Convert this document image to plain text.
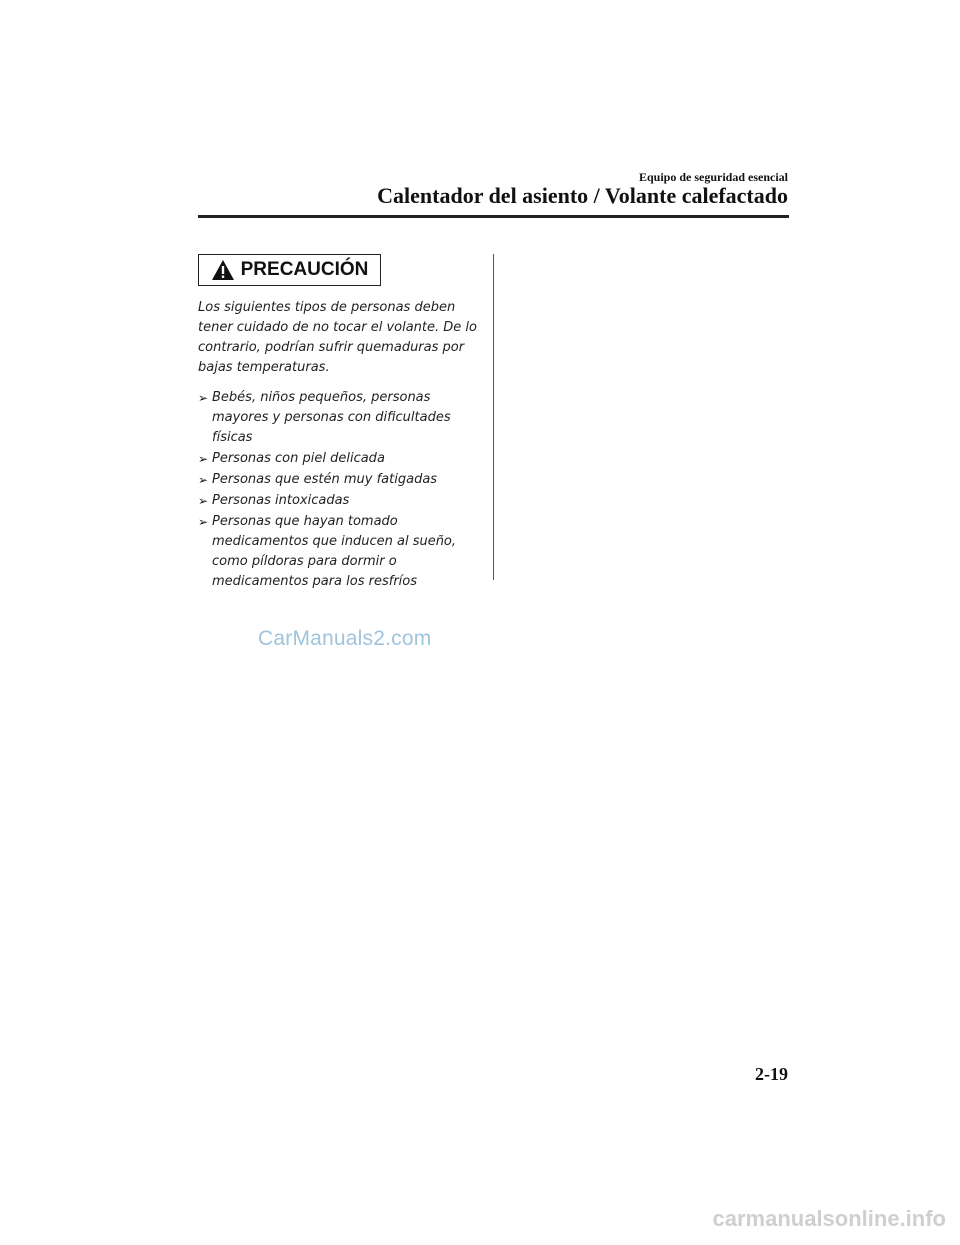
Equipo de seguridad esencial
Calentador del asiento / Volante calefactado
PRECAUCIÓN

Los siguientes tipos de personas deben tener cuidado de no tocar el volante. De lo contrario, podrían sufrir quemaduras por bajas temperaturas.

➢ Bebés, niños pequeños, personas mayores y personas con dificultades físicas
➢ Personas con piel delicada
➢ Personas que estén muy fatigadas
➢ Personas intoxicadas
➢ Personas que hayan tomado medicamentos que inducen al sueño, como píldoras para dormir o medicamentos para los resfríos
CarManuals2.com
2-19
carmanualsonline.info
